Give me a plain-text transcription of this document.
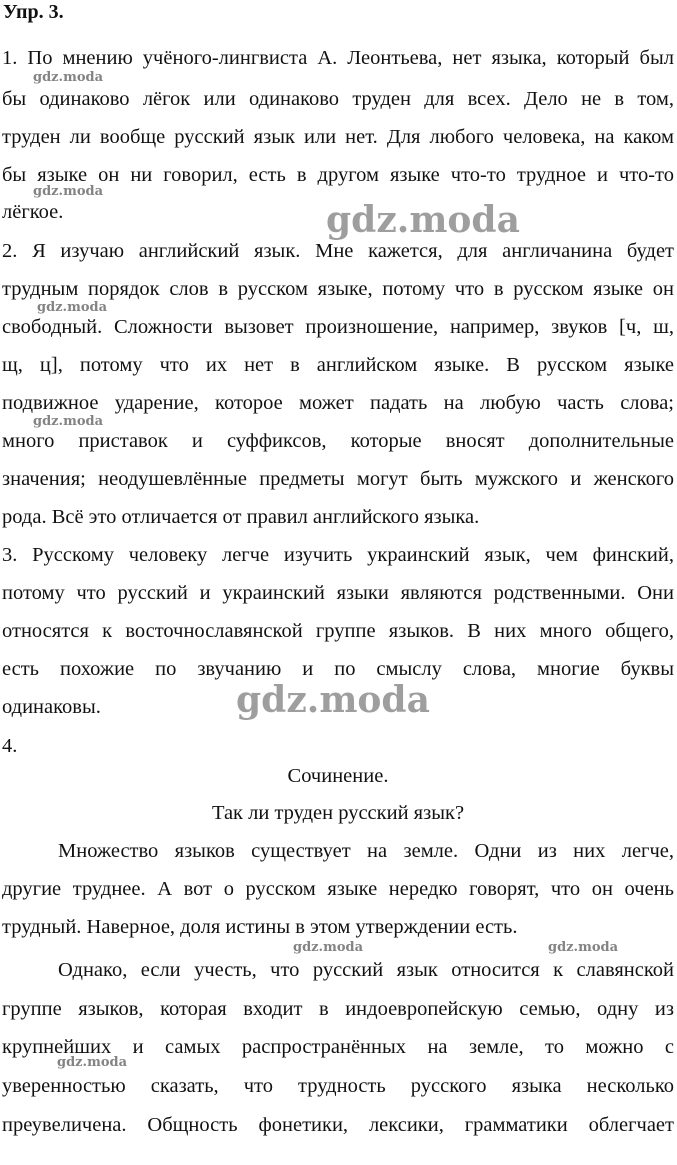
Упр. 3.

1. По мнению учёного-лингвиста А. Леонтьева, нет языка, который был

бы одинаково лёгок или одинаково труден для всех. Дело не в том,

труден ли вообще русский язык или нет. Для любого человека, на каком

бы языке он ни говорил, есть в другом языке что-то трудное и что-то

лёгкое.

2. Я изучаю английский язык. Мне кажется, для англичанина будет

трудным порядок слов в русском языке, потому что в русском языке он

свободный. Сложности вызовет произношение, например, звуков [ч, ш,

щ, ц], потому что их нет в английском языке. В русском языке

подвижное ударение, которое может падать на любую часть слова;

много приставок и суффиксов, которые вносят дополнительные

значения; неодушевлённые предметы могут быть мужского и женского

рода. Всё это отличается от правил английского языка.

3. Русскому человеку легче изучить украинский язык, чем финский,

потому что русский и украинский языки являются родственными. Они

относятся к восточнославянской группе языков. В них много общего,

есть похожие по звучанию и по смыслу слова, многие буквы

одинаковы.

4.

Сочинение.

Так ли труден русский язык?

Множество языков существует на земле. Одни из них легче,

другие труднее. А вот о русском языке нередко говорят, что он очень

трудный. Наверное, доля истины в этом утверждении есть.

Однако, если учесть, что русский язык относится к славянской

группе языков, которая входит в индоевропейскую семью, одну из

крупнейших и самых распространённых на земле, то можно с

уверенностью сказать, что трудность русского языка несколько

преувеличена. Общность фонетики, лексики, грамматики облегчает

gdz.moda
gdz.moda
gdz.moda
gdz.moda
gdz.moda	gdz.moda
gdz.moda
gdz.moda
gdz.moda
